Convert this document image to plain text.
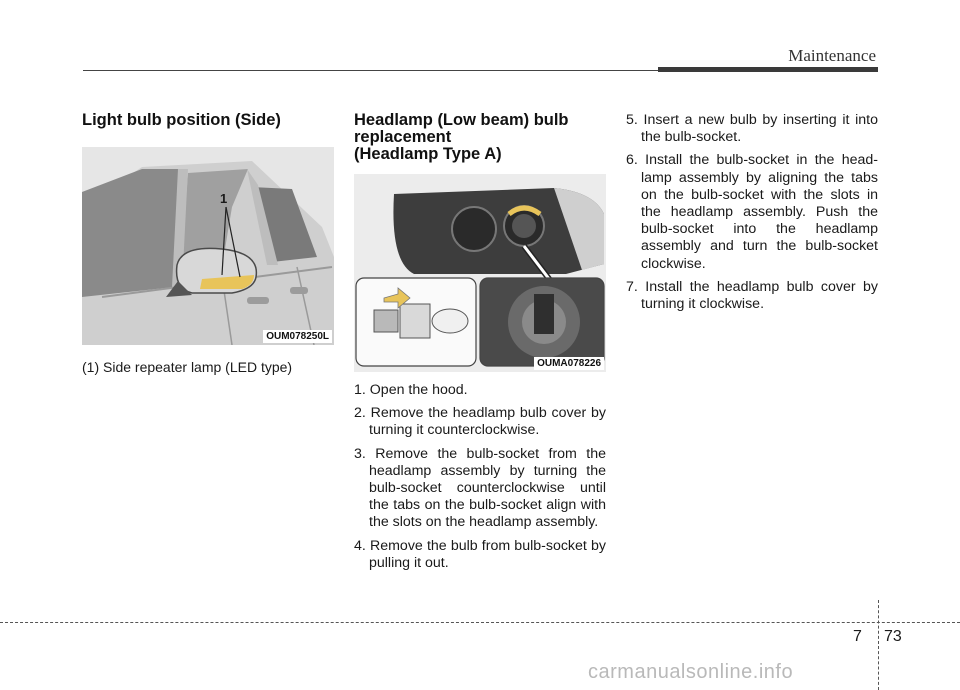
Maintenance
Light bulb position (Side)
1
OUM078250L
(1) Side repeater lamp (LED type)
Headlamp (Low beam) bulb
replacement
(Headlamp Type A)
OUMA078226
1. Open the hood.
2. Remove the headlamp bulb cover by turning it counterclockwise.
3. Remove the bulb-socket from the headlamp assembly by turning the bulb-socket counterclockwise until the tabs on the bulb-socket align with the slots on the headlamp assembly.
4. Remove the bulb from bulb-socket by pulling it out.
5. Insert a new bulb by inserting it into the bulb-socket.
6. Install the bulb-socket in the head-lamp assembly by aligning the tabs on the bulb-socket with the slots in the headlamp assembly. Push the bulb-socket into the headlamp assembly and turn the bulb-socket clockwise.
7. Install the headlamp bulb cover by turning it clockwise.
7 73
carmanualsonline.info
